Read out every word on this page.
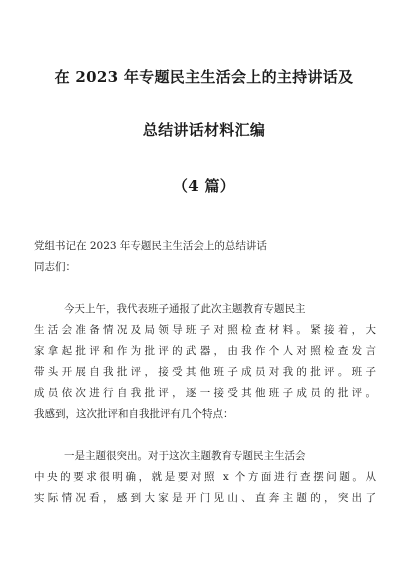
在 2023 年专题民主生活会上的主持讲话及
总结讲话材料汇编
（4 篇）
党组书记在 2023 年专题民主生活会上的总结讲话
同志们：
今天上午，我代表班子通报了此次主题教育专题民主
生活会准备情况及局领导班子对照检查材料。紧接着，大
家拿起批评和作为批评的武器，由我作个人对照检查发言
带头开展自我批评，接受其他班子成员对我的批评。班子
成员依次进行自我批评，逐一接受其他班子成员的批评。
我感到，这次批评和自我批评有几个特点：
一是主题很突出。对于这次主题教育专题民主生活会
中央的要求很明确，就是要对照 x 个方面进行查摆问题。从
实际情况看，感到大家是开门见山、直奔主题的，突出了
